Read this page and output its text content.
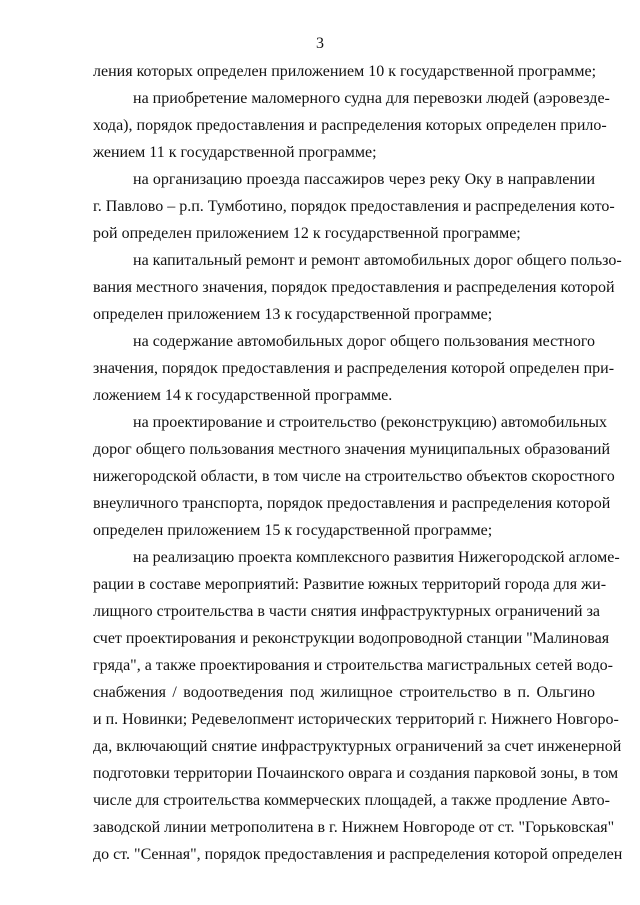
3
ления которых определен приложением 10 к государственной программе;
на приобретение маломерного судна для перевозки людей (аэровезде-
хода), порядок предоставления и распределения которых определен прило-
жением 11 к государственной программе;
на организацию проезда пассажиров через реку Оку в направлении
г. Павлово – р.п. Тумботино, порядок предоставления и распределения кото-
рой определен приложением 12 к государственной программе;
на капитальный ремонт и ремонт автомобильных дорог общего пользо-
вания местного значения, порядок предоставления и распределения которой
определен приложением 13 к государственной программе;
на содержание автомобильных дорог общего пользования местного
значения, порядок предоставления и распределения которой определен при-
ложением 14 к государственной программе.
на проектирование и строительство (реконструкцию) автомобильных
дорог общего пользования местного значения муниципальных образований
нижегородской области, в том числе на строительство объектов скоростного
внеуличного транспорта, порядок предоставления и распределения которой
определен приложением 15 к государственной программе;
на реализацию проекта комплексного развития Нижегородской агломе-
рации в составе мероприятий: Развитие южных территорий города для жи-
лищного строительства в части снятия инфраструктурных ограничений за
счет проектирования и реконструкции водопроводной станции "Малиновая
гряда", а также проектирования и строительства магистральных сетей водо-
снабжения / водоотведения под жилищное строительство в п. Ольгино
и п. Новинки; Редевелопмент исторических территорий г. Нижнего Новгоро-
да, включающий снятие инфраструктурных ограничений за счет инженерной
подготовки территории Почаинского оврага и создания парковой зоны, в том
числе для строительства коммерческих площадей, а также продление Авто-
заводской линии метрополитена в г. Нижнем Новгороде от ст. "Горьковская"
до ст. "Сенная", порядок предоставления и распределения которой определен
